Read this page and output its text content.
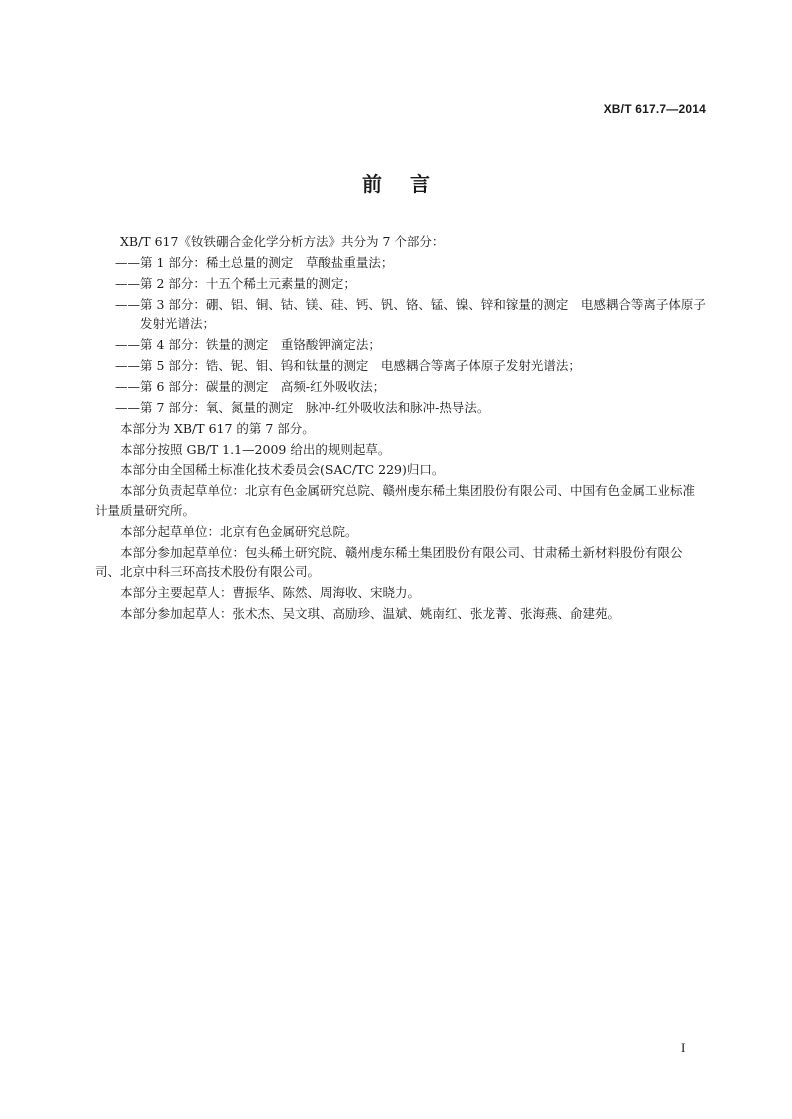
XB/T 617.7—2014
前言

XB/T 617《钕铁硼合金化学分析方法》共分为 7 个部分：

——第 1 部分：稀土总量的测定　草酸盐重量法；

——第 2 部分：十五个稀土元素量的测定；

——第 3 部分：硼、铝、铜、钴、镁、硅、钙、钒、铬、锰、镍、锌和镓量的测定　电感耦合等离子体原子发射光谱法；

——第 4 部分：铁量的测定　重铬酸钾滴定法；

——第 5 部分：锆、铌、钼、钨和钛量的测定　电感耦合等离子体原子发射光谱法；

——第 6 部分：碳量的测定　高频-红外吸收法；

——第 7 部分：氧、氮量的测定　脉冲-红外吸收法和脉冲-热导法。

本部分为 XB/T 617 的第 7 部分。

本部分按照 GB/T 1.1—2009 给出的规则起草。

本部分由全国稀土标准化技术委员会(SAC/TC 229)归口。

本部分负责起草单位：北京有色金属研究总院、赣州虔东稀土集团股份有限公司、中国有色金属工业标准计量质量研究所。

本部分起草单位：北京有色金属研究总院。

本部分参加起草单位：包头稀土研究院、赣州虔东稀土集团股份有限公司、甘肃稀土新材料股份有限公司、北京中科三环高技术股份有限公司。

本部分主要起草人：曹振华、陈然、周海收、宋晓力。

本部分参加起草人：张术杰、吴文琪、高励珍、温斌、姚南红、张龙菁、张海燕、俞建苑。

I
